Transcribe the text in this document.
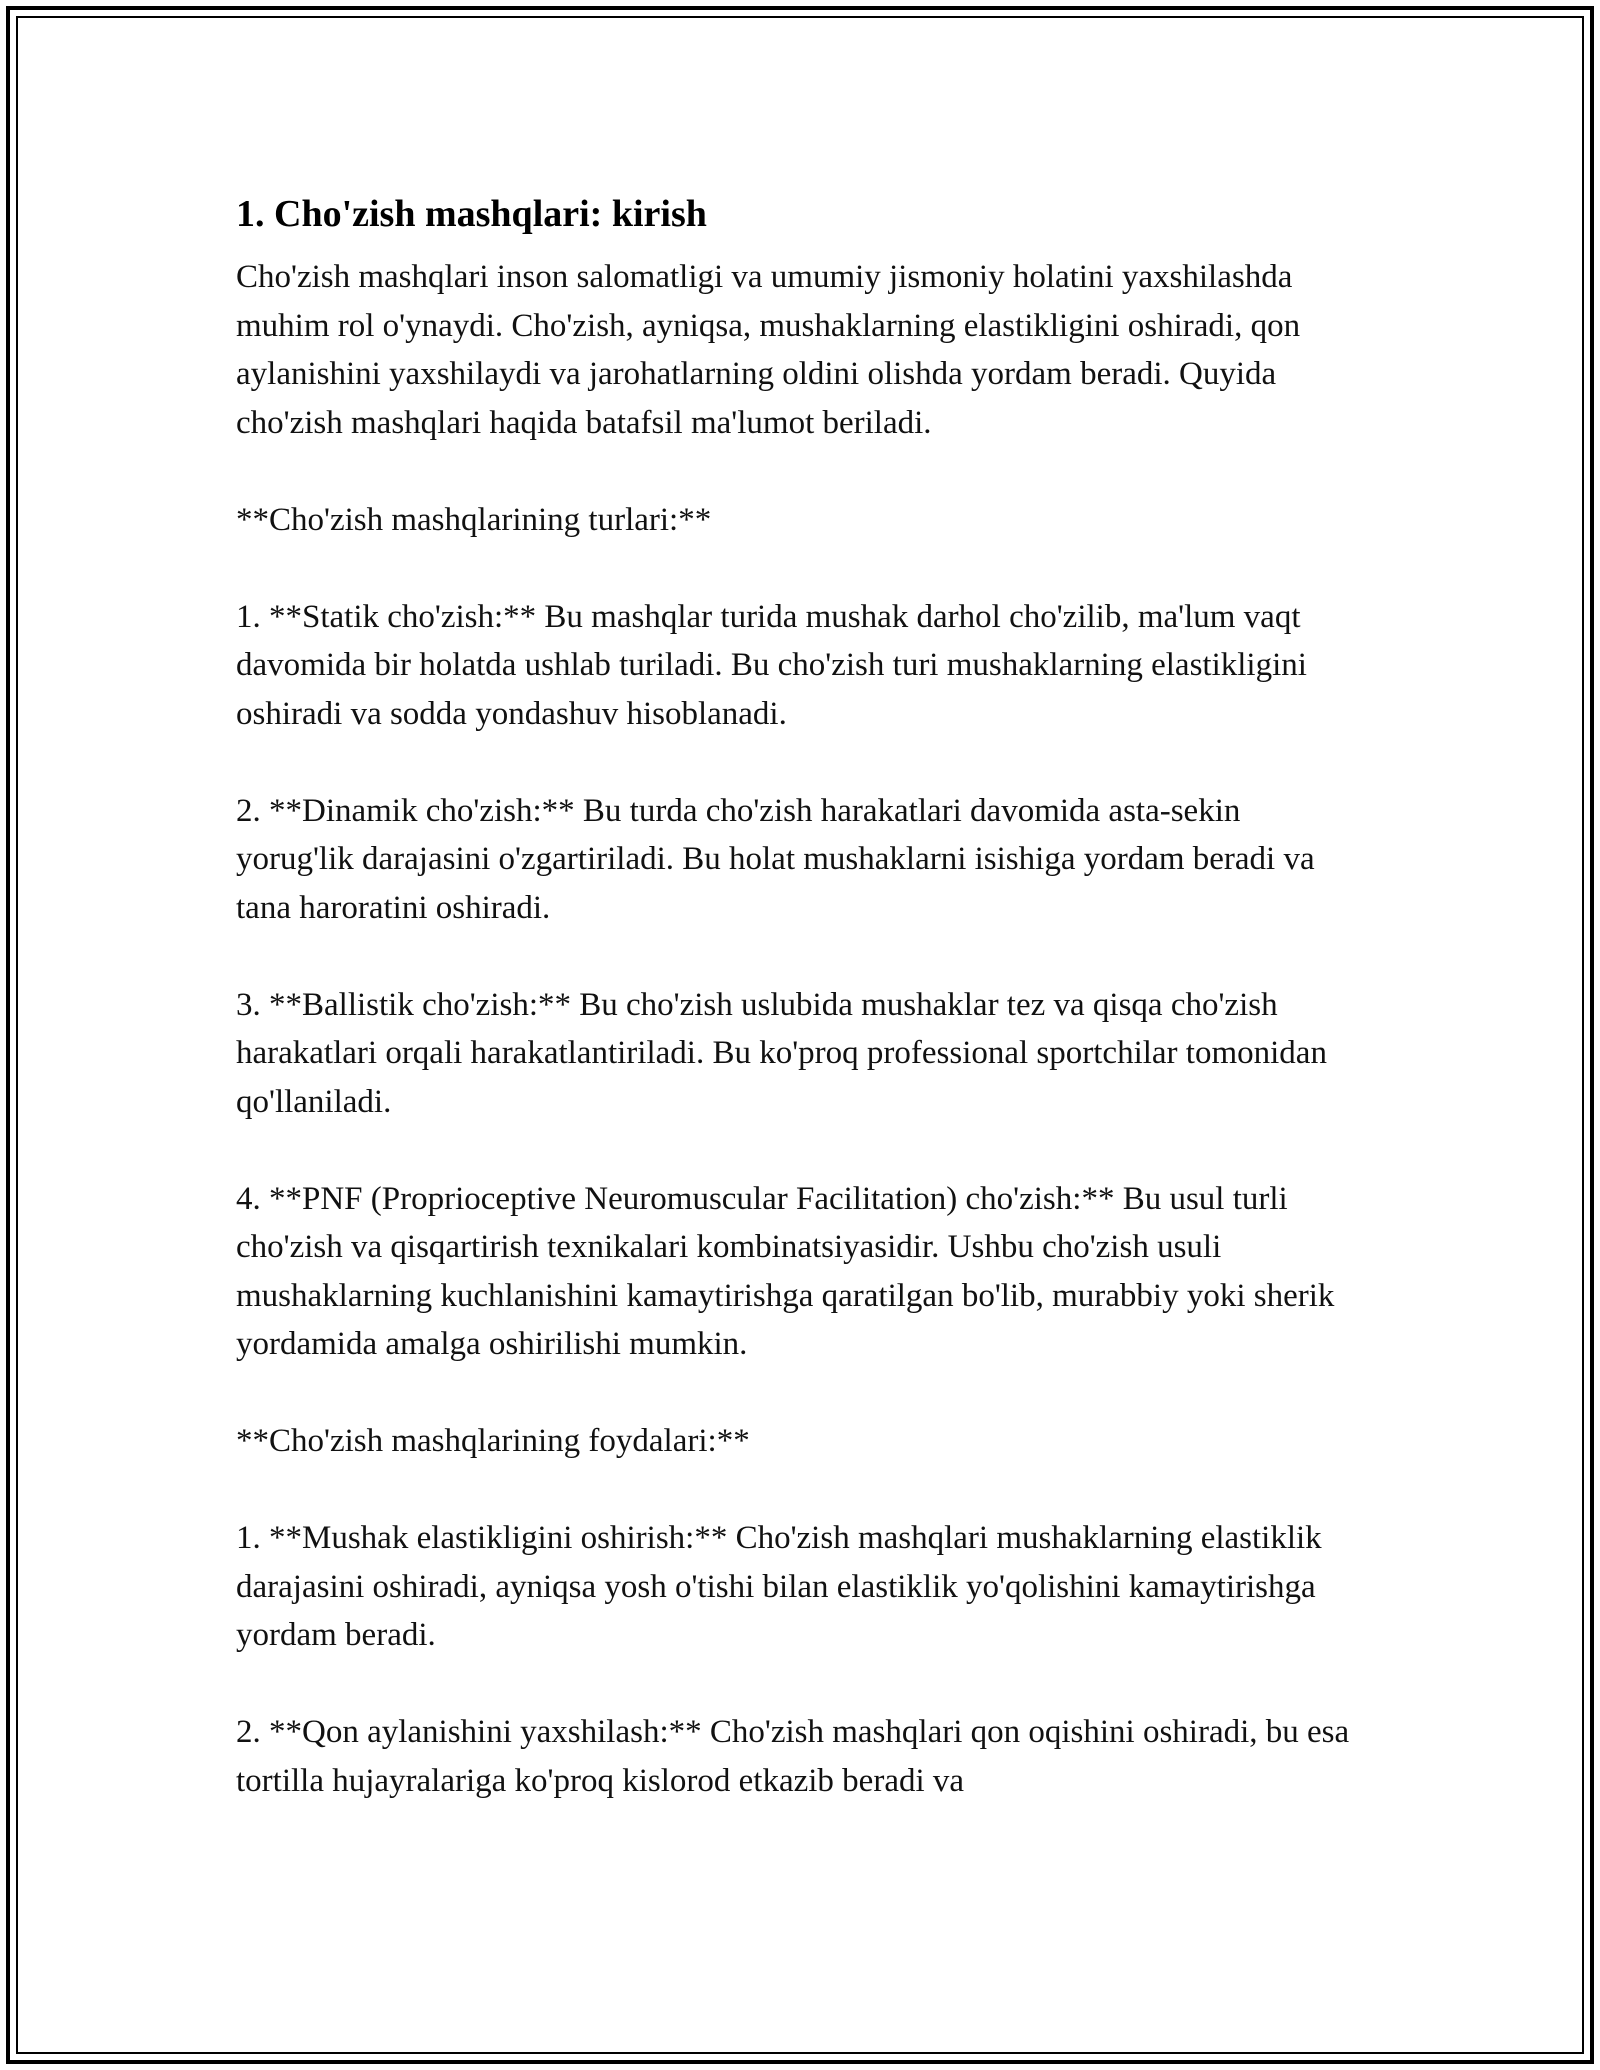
1. Cho'zish mashqlari: kirish

Cho'zish mashqlari inson salomatligi va umumiy jismoniy holatini yaxshilashda muhim rol o'ynaydi. Cho'zish, ayniqsa, mushaklarning elastikligini oshiradi, qon aylanishini yaxshilaydi va jarohatlarning oldini olishda yordam beradi. Quyida cho'zish mashqlari haqida batafsil ma'lumot beriladi.

**Cho'zish mashqlarining turlari:**

1. **Statik cho'zish:** Bu mashqlar turida mushak darhol cho'zilib, ma'lum vaqt davomida bir holatda ushlab turiladi. Bu cho'zish turi mushaklarning elastikligini oshiradi va sodda yondashuv hisoblanadi.

2. **Dinamik cho'zish:** Bu turda cho'zish harakatlari davomida asta-sekin yorug'lik darajasini o'zgartiriladi. Bu holat mushaklarni isishiga yordam beradi va tana haroratini oshiradi.

3. **Ballistik cho'zish:** Bu cho'zish uslubida mushaklar tez va qisqa cho'zish harakatlari orqali harakatlantiriladi. Bu ko'proq professional sportchilar tomonidan qo'llaniladi.

4. **PNF (Proprioceptive Neuromuscular Facilitation) cho'zish:** Bu usul turli cho'zish va qisqartirish texnikalari kombinatsiyasidir. Ushbu cho'zish usuli mushaklarning kuchlanishini kamaytirishga qaratilgan bo'lib, murabbiy yoki sherik yordamida amalga oshirilishi mumkin.

**Cho'zish mashqlarining foydalari:**

1. **Mushak elastikligini oshirish:** Cho'zish mashqlari mushaklarning elastiklik darajasini oshiradi, ayniqsa yosh o'tishi bilan elastiklik yo'qolishini kamaytirishga yordam beradi.

2. **Qon aylanishini yaxshilash:** Cho'zish mashqlari qon oqishini oshiradi, bu esa tortilla hujayralariga ko'proq kislorod etkazib beradi va
